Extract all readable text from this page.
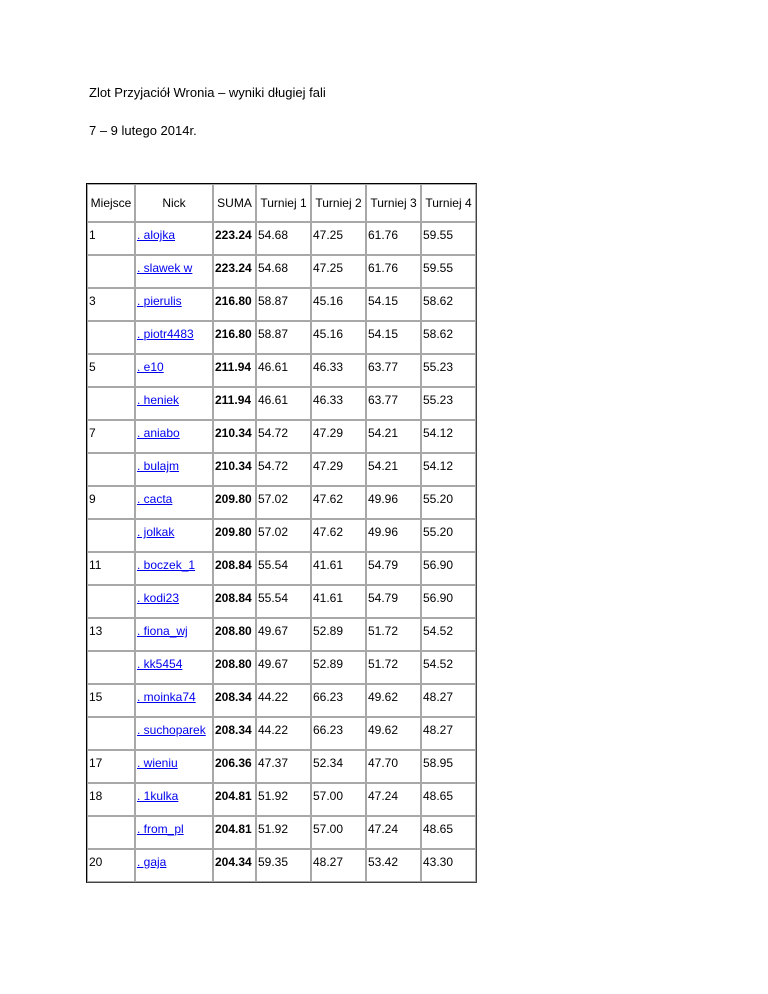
Zlot Przyjaciół Wronia – wyniki długiej fali
7 – 9 lutego 2014r.
Miejsce	Nick	SUMA	Turniej 1	Turniej 2	Turniej 3	Turniej 4
1	. alojka	223.24	54.68	47.25	61.76	59.55
	. slawek w	223.24	54.68	47.25	61.76	59.55
3	. pierulis	216.80	58.87	45.16	54.15	58.62
	. piotr4483	216.80	58.87	45.16	54.15	58.62
5	. e10	211.94	46.61	46.33	63.77	55.23
	. heniek	211.94	46.61	46.33	63.77	55.23
7	. aniabo	210.34	54.72	47.29	54.21	54.12
	. bulajm	210.34	54.72	47.29	54.21	54.12
9	. cacta	209.80	57.02	47.62	49.96	55.20
	. jolkak	209.80	57.02	47.62	49.96	55.20
11	. boczek_1	208.84	55.54	41.61	54.79	56.90
	. kodi23	208.84	55.54	41.61	54.79	56.90
13	. fiona_wj	208.80	49.67	52.89	51.72	54.52
	. kk5454	208.80	49.67	52.89	51.72	54.52
15	. moinka74	208.34	44.22	66.23	49.62	48.27
	. suchoparek	208.34	44.22	66.23	49.62	48.27
17	. wieniu	206.36	47.37	52.34	47.70	58.95
18	. 1kulka	204.81	51.92	57.00	47.24	48.65
	. from_pl	204.81	51.92	57.00	47.24	48.65
20	. gaja	204.34	59.35	48.27	53.42	43.30
